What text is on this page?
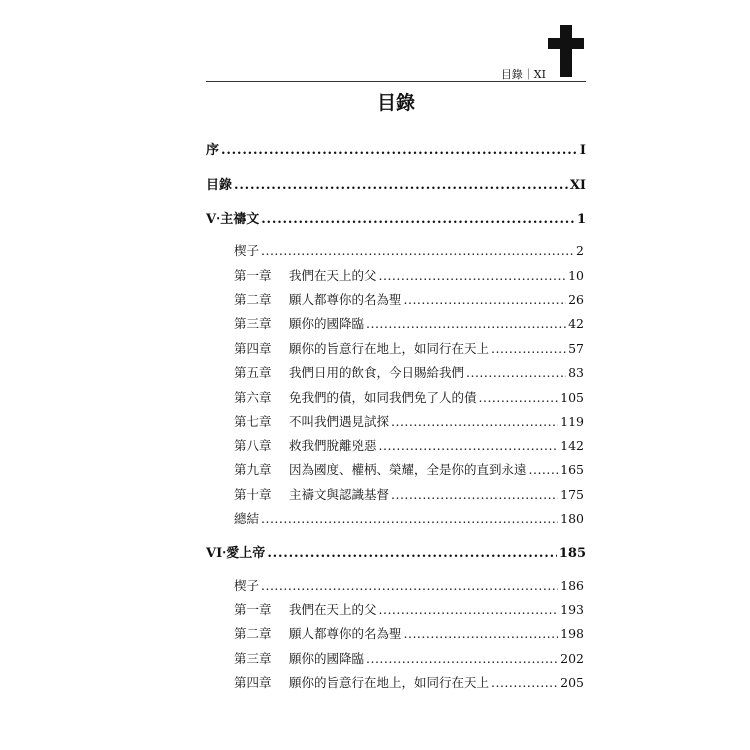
目錄｜XI
目錄
序 .....	I
目錄 .....	XI
V‧主禱文 .....	1
楔子 .....	2
第一章	我們在天上的父 .....	10
第二章	願人都尊你的名為聖 .....	26
第三章	願你的國降臨 .....	42
第四章	願你的旨意行在地上，如同行在天上 .....	57
第五章	我們日用的飲食，今日賜給我們 .....	83
第六章	免我們的債，如同我們免了人的債 .....	105
第七章	不叫我們遇見試探 .....	119
第八章	救我們脫離兇惡 .....	142
第九章	因為國度、權柄、榮耀，全是你的直到永遠 .....	165
第十章	主禱文與認識基督 .....	175
總結 .....	180
VI‧愛上帝 .....	185
楔子 .....	186
第一章	我們在天上的父 .....	193
第二章	願人都尊你的名為聖 .....	198
第三章	願你的國降臨 .....	202
第四章	願你的旨意行在地上，如同行在天上 .....	205
